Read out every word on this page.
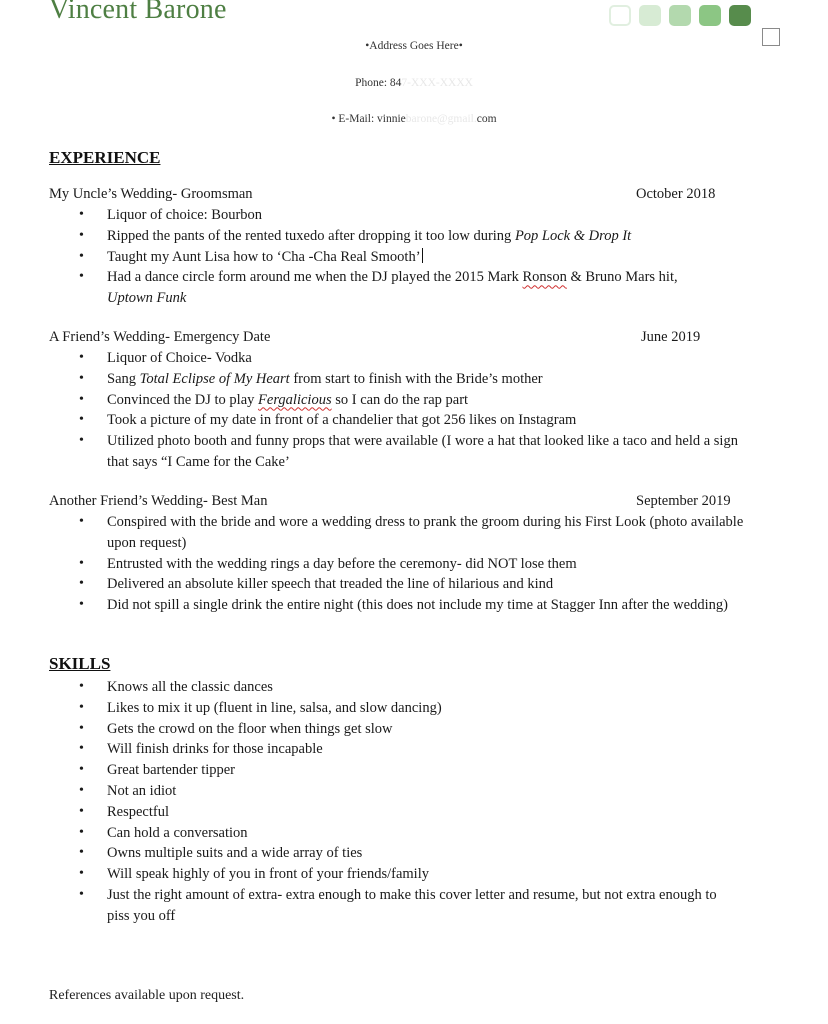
Vincent Barone
•Address Goes Here•
Phone: 847-XXX-XXXX
• E-Mail: vinniebarone@gmail.com
EXPERIENCE
My Uncle’s Wedding- Groomsman	October 2018
• Liquor of choice: Bourbon
• Ripped the pants of the rented tuxedo after dropping it too low during Pop Lock & Drop It
• Taught my Aunt Lisa how to ‘Cha -Cha Real Smooth’
• Had a dance circle form around me when the DJ played the 2015 Mark Ronson & Bruno Mars hit, Uptown Funk
A Friend’s Wedding- Emergency Date	June 2019
• Liquor of Choice- Vodka
• Sang Total Eclipse of My Heart from start to finish with the Bride’s mother
• Convinced the DJ to play Fergalicious so I can do the rap part
• Took a picture of my date in front of a chandelier that got 256 likes on Instagram
• Utilized photo booth and funny props that were available (I wore a hat that looked like a taco and held a sign that says “I Came for the Cake’
Another Friend’s Wedding- Best Man	September 2019
• Conspired with the bride and wore a wedding dress to prank the groom during his First Look (photo available upon request)
• Entrusted with the wedding rings a day before the ceremony- did NOT lose them
• Delivered an absolute killer speech that treaded the line of hilarious and kind
• Did not spill a single drink the entire night (this does not include my time at Stagger Inn after the wedding)
SKILLS
• Knows all the classic dances
• Likes to mix it up (fluent in line, salsa, and slow dancing)
• Gets the crowd on the floor when things get slow
• Will finish drinks for those incapable
• Great bartender tipper
• Not an idiot
• Respectful
• Can hold a conversation
• Owns multiple suits and a wide array of ties
• Will speak highly of you in front of your friends/family
• Just the right amount of extra- extra enough to make this cover letter and resume, but not extra enough to piss you off
References available upon request.
